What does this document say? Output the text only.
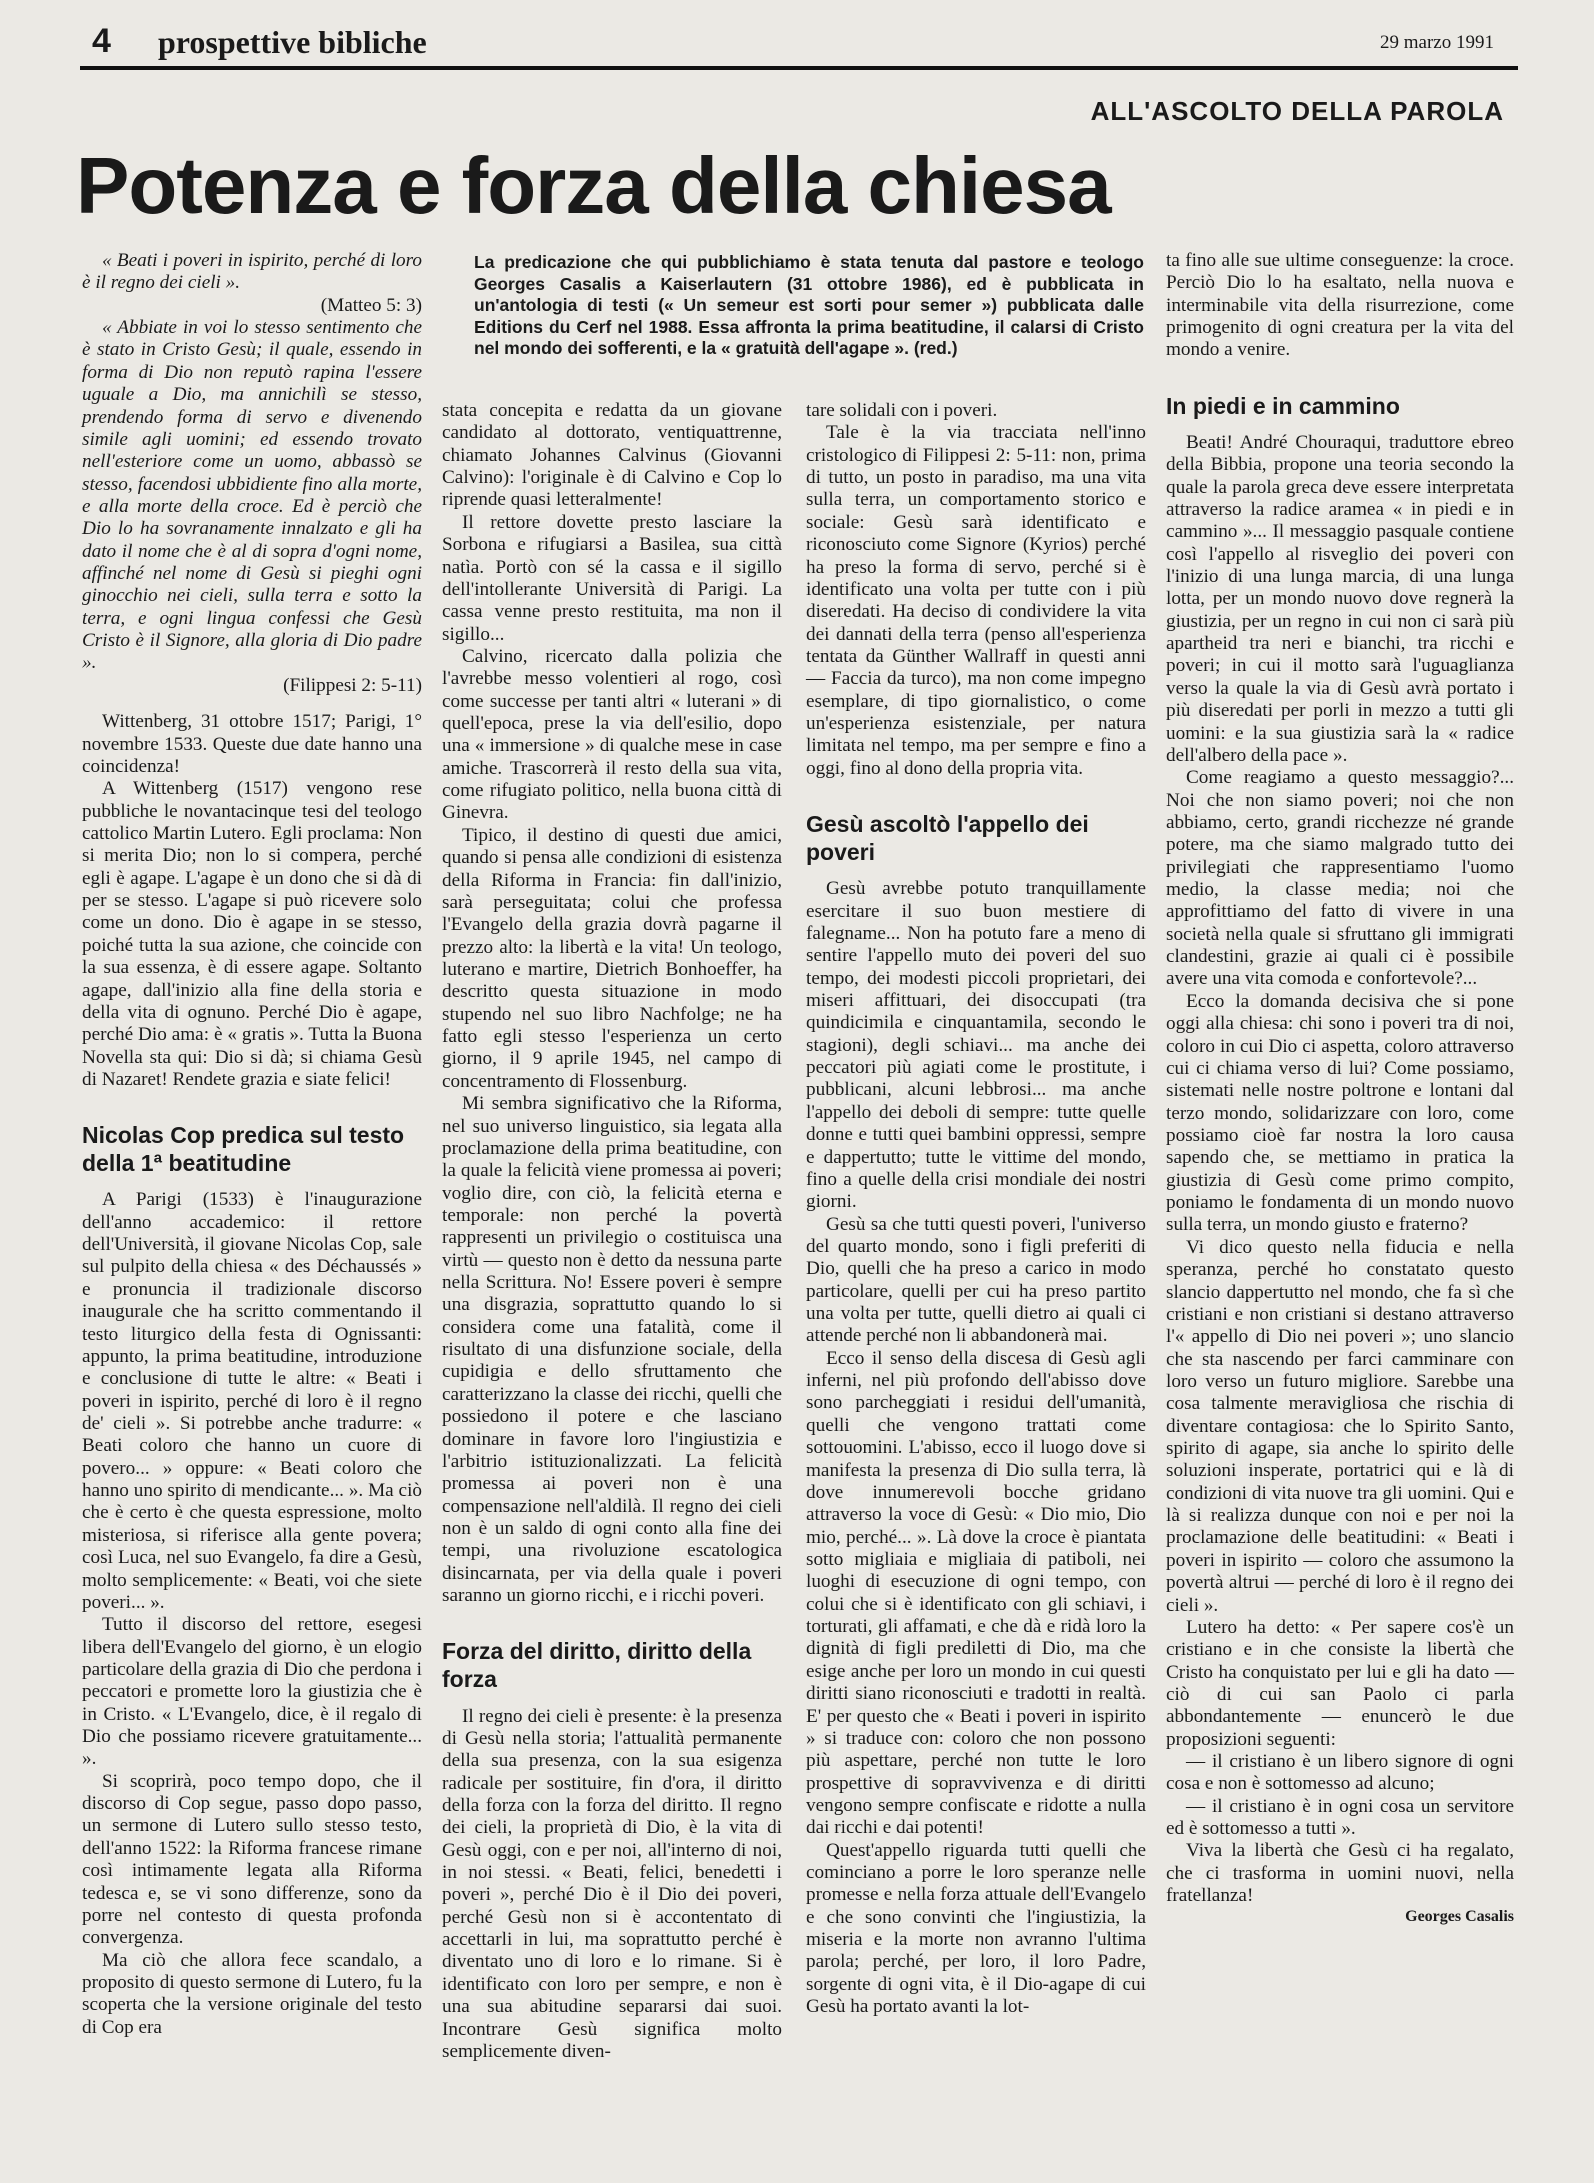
4 prospettive bibliche	29 marzo 1991
ALL'ASCOLTO DELLA PAROLA
Potenza e forza della chiesa
La predicazione che qui pubblichiamo è stata tenuta dal pastore e teologo Georges Casalis a Kaiserlautern (31 ottobre 1986), ed è pubblicata in un'antologia di testi (« Un semeur est sorti pour semer ») pubblicata dalle Editions du Cerf nel 1988. Essa affronta la prima beatitudine, il calarsi di Cristo nel mondo dei sofferenti, e la « gratuità dell'agape ». (red.)

« Beati i poveri in ispirito, perché di loro è il regno dei cieli ».

(Matteo 5: 3)

« Abbiate in voi lo stesso sentimento che è stato in Cristo Gesù; il quale, essendo in forma di Dio non reputò rapina l'essere uguale a Dio, ma annichilì se stesso, prendendo forma di servo e divenendo simile agli uomini; ed essendo trovato nell'esteriore come un uomo, abbassò se stesso, facendosi ubbidiente fino alla morte, e alla morte della croce. Ed è perciò che Dio lo ha sovranamente innalzato e gli ha dato il nome che è al di sopra d'ogni nome, affinché nel nome di Gesù si pieghi ogni ginocchio nei cieli, sulla terra e sotto la terra, e ogni lingua confessi che Gesù Cristo è il Signore, alla gloria di Dio padre ».

(Filippesi 2: 5-11)

Wittenberg, 31 ottobre 1517; Parigi, 1° novembre 1533. Queste due date hanno una coincidenza!

A Wittenberg (1517) vengono rese pubbliche le novantacinque tesi del teologo cattolico Martin Lutero. Egli proclama: Non si merita Dio; non lo si compera, perché egli è agape. L'agape è un dono che si dà di per se stesso. L'agape si può ricevere solo come un dono. Dio è agape in se stesso, poiché tutta la sua azione, che coincide con la sua essenza, è di essere agape. Soltanto agape, dall'inizio alla fine della storia e della vita di ognuno. Perché Dio è agape, perché Dio ama: è « gratis ». Tutta la Buona Novella sta qui: Dio si dà; si chiama Gesù di Nazaret! Rendete grazia e siate felici!

Nicolas Cop predica sul testo della 1ª beatitudine

A Parigi (1533) è l'inaugurazione dell'anno accademico: il rettore dell'Università, il giovane Nicolas Cop, sale sul pulpito della chiesa « des Déchaussés » e pronuncia il tradizionale discorso inaugurale che ha scritto commentando il testo liturgico della festa di Ognissanti: appunto, la prima beatitudine, introduzione e conclusione di tutte le altre: « Beati i poveri in ispirito, perché di loro è il regno de' cieli ». Si potrebbe anche tradurre: « Beati coloro che hanno un cuore di povero... » oppure: « Beati coloro che hanno uno spirito di mendicante... ». Ma ciò che è certo è che questa espressione, molto misteriosa, si riferisce alla gente povera; così Luca, nel suo Evangelo, fa dire a Gesù, molto semplicemente: « Beati, voi che siete poveri... ».

Tutto il discorso del rettore, esegesi libera dell'Evangelo del giorno, è un elogio particolare della grazia di Dio che perdona i peccatori e promette loro la giustizia che è in Cristo. « L'Evangelo, dice, è il regalo di Dio che possiamo ricevere gratuitamente... ».

Si scoprirà, poco tempo dopo, che il discorso di Cop segue, passo dopo passo, un sermone di Lutero sullo stesso testo, dell'anno 1522: la Riforma francese rimane così intimamente legata alla Riforma tedesca e, se vi sono differenze, sono da porre nel contesto di questa profonda convergenza.

Ma ciò che allora fece scandalo, a proposito di questo sermone di Lutero, fu la scoperta che la versione originale del testo di Cop era

stata concepita e redatta da un giovane candidato al dottorato, ventiquattrenne, chiamato Johannes Calvinus (Giovanni Calvino): l'originale è di Calvino e Cop lo riprende quasi letteralmente!

Il rettore dovette presto lasciare la Sorbona e rifugiarsi a Basilea, sua città natìa. Portò con sé la cassa e il sigillo dell'intollerante Università di Parigi. La cassa venne presto restituita, ma non il sigillo...

Calvino, ricercato dalla polizia che l'avrebbe messo volentieri al rogo, così come successe per tanti altri « luterani » di quell'epoca, prese la via dell'esilio, dopo una « immersione » di qualche mese in case amiche. Trascorrerà il resto della sua vita, come rifugiato politico, nella buona città di Ginevra.

Tipico, il destino di questi due amici, quando si pensa alle condizioni di esistenza della Riforma in Francia: fin dall'inizio, sarà perseguitata; colui che professa l'Evangelo della grazia dovrà pagarne il prezzo alto: la libertà e la vita! Un teologo, luterano e martire, Dietrich Bonhoeffer, ha descritto questa situazione in modo stupendo nel suo libro Nachfolge; ne ha fatto egli stesso l'esperienza un certo giorno, il 9 aprile 1945, nel campo di concentramento di Flossenburg.

Mi sembra significativo che la Riforma, nel suo universo linguistico, sia legata alla proclamazione della prima beatitudine, con la quale la felicità viene promessa ai poveri; voglio dire, con ciò, la felicità eterna e temporale: non perché la povertà rappresenti un privilegio o costituisca una virtù — questo non è detto da nessuna parte nella Scrittura. No! Essere poveri è sempre una disgrazia, soprattutto quando lo si considera come una fatalità, come il risultato di una disfunzione sociale, della cupidigia e dello sfruttamento che caratterizzano la classe dei ricchi, quelli che possiedono il potere e che lasciano dominare in favore loro l'ingiustizia e l'arbitrio istituzionalizzati. La felicità promessa ai poveri non è una compensazione nell'aldilà. Il regno dei cieli non è un saldo di ogni conto alla fine dei tempi, una rivoluzione escatologica disincarnata, per via della quale i poveri saranno un giorno ricchi, e i ricchi poveri.

Forza del diritto, diritto della forza

Il regno dei cieli è presente: è la presenza di Gesù nella storia; l'attualità permanente della sua presenza, con la sua esigenza radicale per sostituire, fin d'ora, il diritto della forza con la forza del diritto. Il regno dei cieli, la proprietà di Dio, è la vita di Gesù oggi, con e per noi, all'interno di noi, in noi stessi. « Beati, felici, benedetti i poveri », perché Dio è il Dio dei poveri, perché Gesù non si è accontentato di accettarli in lui, ma soprattutto perché è diventato uno di loro e lo rimane. Si è identificato con loro per sempre, e non è una sua abitudine separarsi dai suoi. Incontrare Gesù significa molto semplicemente diven-

tare solidali con i poveri.

Tale è la via tracciata nell'inno cristologico di Filippesi 2: 5-11: non, prima di tutto, un posto in paradiso, ma una vita sulla terra, un comportamento storico e sociale: Gesù sarà identificato e riconosciuto come Signore (Kyrios) perché ha preso la forma di servo, perché si è identificato una volta per tutte con i più diseredati. Ha deciso di condividere la vita dei dannati della terra (penso all'esperienza tentata da Günther Wallraff in questi anni — Faccia da turco), ma non come impegno esemplare, di tipo giornalistico, o come un'esperienza esistenziale, per natura limitata nel tempo, ma per sempre e fino a oggi, fino al dono della propria vita.

Gesù ascoltò l'appello dei poveri

Gesù avrebbe potuto tranquillamente esercitare il suo buon mestiere di falegname... Non ha potuto fare a meno di sentire l'appello muto dei poveri del suo tempo, dei modesti piccoli proprietari, dei miseri affittuari, dei disoccupati (tra quindicimila e cinquantamila, secondo le stagioni), degli schiavi... ma anche dei peccatori più agiati come le prostitute, i pubblicani, alcuni lebbrosi... ma anche l'appello dei deboli di sempre: tutte quelle donne e tutti quei bambini oppressi, sempre e dappertutto; tutte le vittime del mondo, fino a quelle della crisi mondiale dei nostri giorni.

Gesù sa che tutti questi poveri, l'universo del quarto mondo, sono i figli preferiti di Dio, quelli che ha preso a carico in modo particolare, quelli per cui ha preso partito una volta per tutte, quelli dietro ai quali ci attende perché non li abbandonerà mai.

Ecco il senso della discesa di Gesù agli inferni, nel più profondo dell'abisso dove sono parcheggiati i residui dell'umanità, quelli che vengono trattati come sottouomini. L'abisso, ecco il luogo dove si manifesta la presenza di Dio sulla terra, là dove innumerevoli bocche gridano attraverso la voce di Gesù: « Dio mio, Dio mio, perché... ». Là dove la croce è piantata sotto migliaia e migliaia di patiboli, nei luoghi di esecuzione di ogni tempo, con colui che si è identificato con gli schiavi, i torturati, gli affamati, e che dà e ridà loro la dignità di figli prediletti di Dio, ma che esige anche per loro un mondo in cui questi diritti siano riconosciuti e tradotti in realtà. E' per questo che « Beati i poveri in ispirito » si traduce con: coloro che non possono più aspettare, perché non tutte le loro prospettive di sopravvivenza e di diritti vengono sempre confiscate e ridotte a nulla dai ricchi e dai potenti!

Quest'appello riguarda tutti quelli che cominciano a porre le loro speranze nelle promesse e nella forza attuale dell'Evangelo e che sono convinti che l'ingiustizia, la miseria e la morte non avranno l'ultima parola; perché, per loro, il loro Padre, sorgente di ogni vita, è il Dio-agape di cui Gesù ha portato avanti la lot-

ta fino alle sue ultime conseguenze: la croce. Perciò Dio lo ha esaltato, nella nuova e interminabile vita della risurrezione, come primogenito di ogni creatura per la vita del mondo a venire.

In piedi e in cammino

Beati! André Chouraqui, traduttore ebreo della Bibbia, propone una teoria secondo la quale la parola greca deve essere interpretata attraverso la radice aramea « in piedi e in cammino »... Il messaggio pasquale contiene così l'appello al risveglio dei poveri con l'inizio di una lunga marcia, di una lunga lotta, per un mondo nuovo dove regnerà la giustizia, per un regno in cui non ci sarà più apartheid tra neri e bianchi, tra ricchi e poveri; in cui il motto sarà l'uguaglianza verso la quale la via di Gesù avrà portato i più diseredati per porli in mezzo a tutti gli uomini: e la sua giustizia sarà la « radice dell'albero della pace ».

Come reagiamo a questo messaggio?... Noi che non siamo poveri; noi che non abbiamo, certo, grandi ricchezze né grande potere, ma che siamo malgrado tutto dei privilegiati che rappresentiamo l'uomo medio, la classe media; noi che approfittiamo del fatto di vivere in una società nella quale si sfruttano gli immigrati clandestini, grazie ai quali ci è possibile avere una vita comoda e confortevole?...

Ecco la domanda decisiva che si pone oggi alla chiesa: chi sono i poveri tra di noi, coloro in cui Dio ci aspetta, coloro attraverso cui ci chiama verso di lui? Come possiamo, sistemati nelle nostre poltrone e lontani dal terzo mondo, solidarizzare con loro, come possiamo cioè far nostra la loro causa sapendo che, se mettiamo in pratica la giustizia di Gesù come primo compito, poniamo le fondamenta di un mondo nuovo sulla terra, un mondo giusto e fraterno?

Vi dico questo nella fiducia e nella speranza, perché ho constatato questo slancio dappertutto nel mondo, che fa sì che cristiani e non cristiani si destano attraverso l'« appello di Dio nei poveri »; uno slancio che sta nascendo per farci camminare con loro verso un futuro migliore. Sarebbe una cosa talmente meravigliosa che rischia di diventare contagiosa: che lo Spirito Santo, spirito di agape, sia anche lo spirito delle soluzioni insperate, portatrici qui e là di condizioni di vita nuove tra gli uomini. Qui e là si realizza dunque con noi e per noi la proclamazione delle beatitudini: « Beati i poveri in ispirito — coloro che assumono la povertà altrui — perché di loro è il regno dei cieli ».

Lutero ha detto: « Per sapere cos'è un cristiano e in che consiste la libertà che Cristo ha conquistato per lui e gli ha dato — ciò di cui san Paolo ci parla abbondantemente — enuncerò le due proposizioni seguenti:

— il cristiano è un libero signore di ogni cosa e non è sottomesso ad alcuno;

— il cristiano è in ogni cosa un servitore ed è sottomesso a tutti ».

Viva la libertà che Gesù ci ha regalato, che ci trasforma in uomini nuovi, nella fratellanza!

Georges Casalis
